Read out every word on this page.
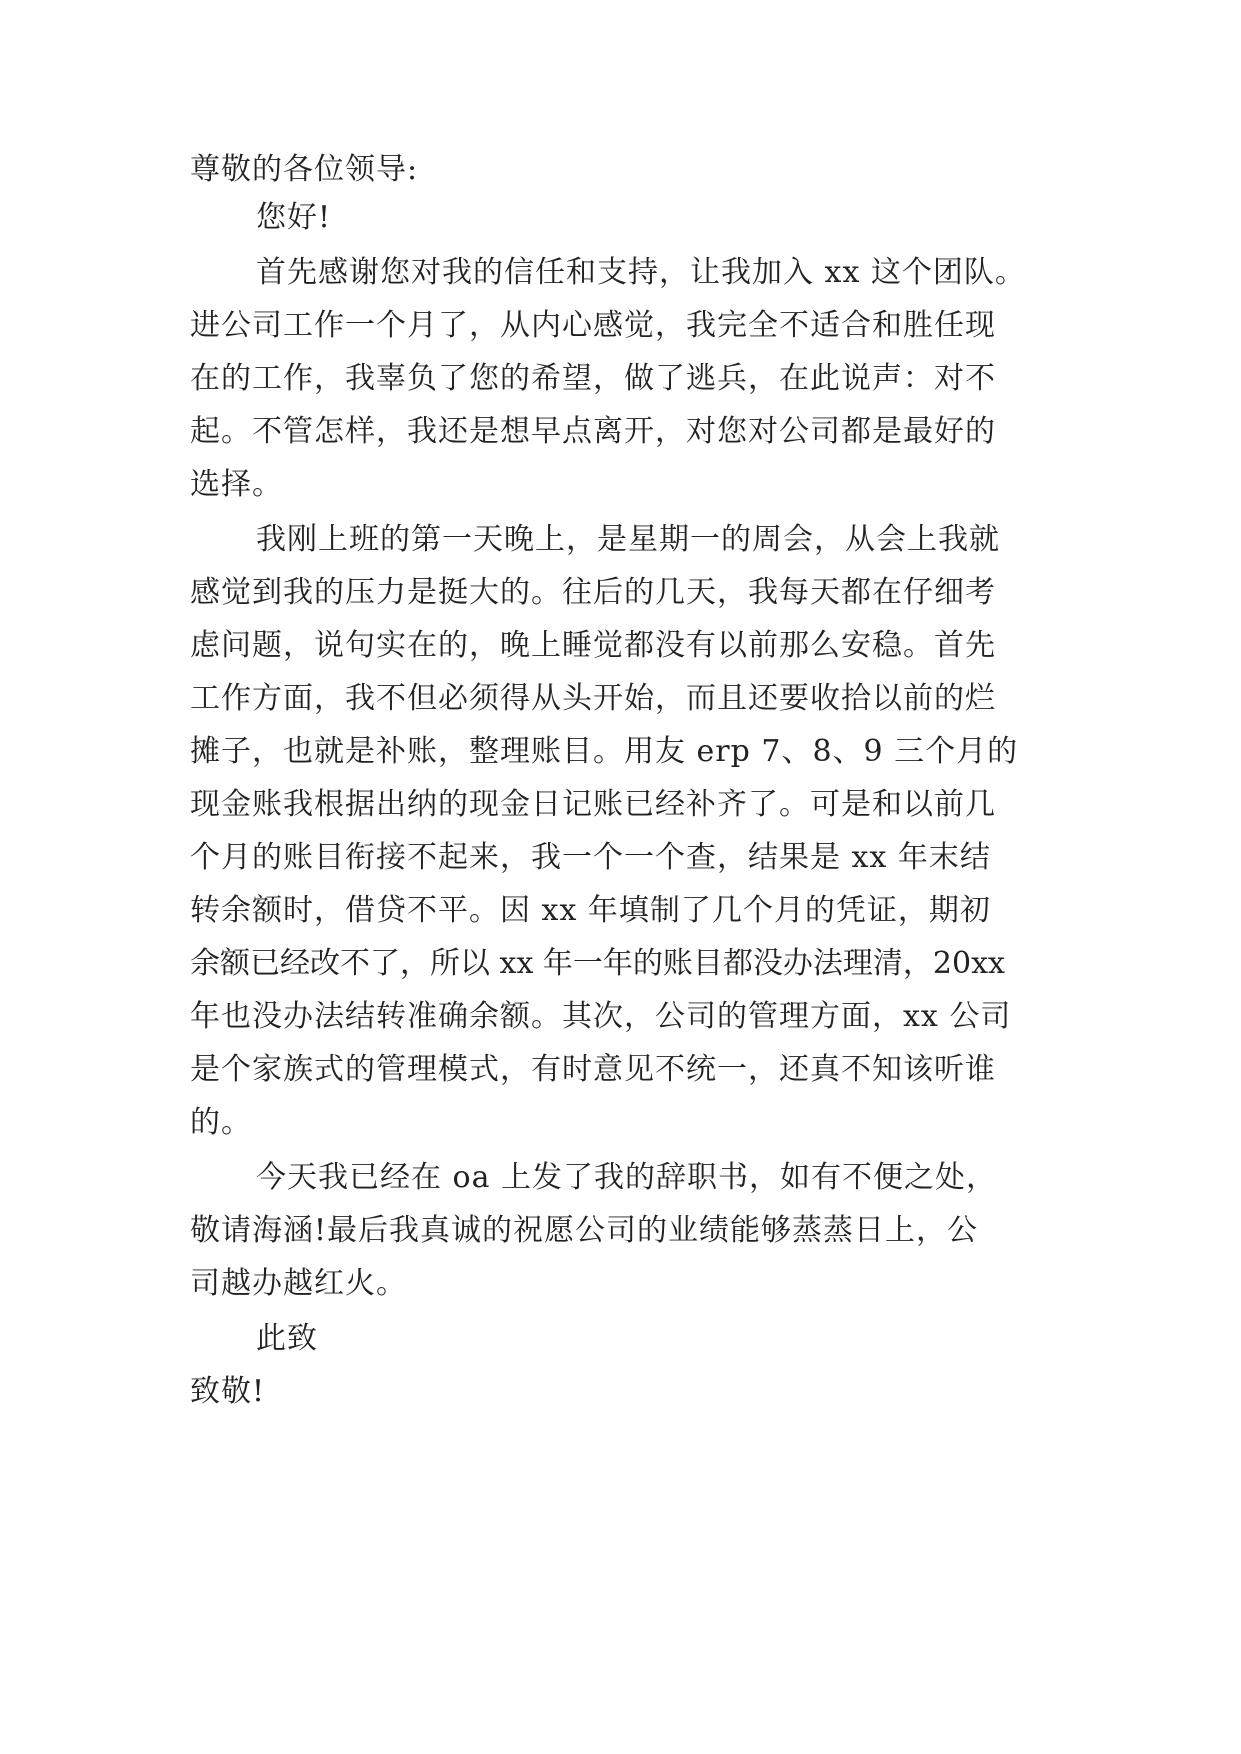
尊敬的各位领导:
您好!
首先感谢您对我的信任和支持，让我加入 xx 这个团队。
进公司工作一个月了，从内心感觉，我完全不适合和胜任现
在的工作，我辜负了您的希望，做了逃兵，在此说声：对不
起。不管怎样，我还是想早点离开，对您对公司都是最好的
选择。
我刚上班的第一天晚上，是星期一的周会，从会上我就
感觉到我的压力是挺大的。往后的几天，我每天都在仔细考
虑问题，说句实在的，晚上睡觉都没有以前那么安稳。首先
工作方面，我不但必须得从头开始，而且还要收拾以前的烂
摊子，也就是补账，整理账目。用友 erp 7、8、9 三个月的
现金账我根据出纳的现金日记账已经补齐了。可是和以前几
个月的账目衔接不起来，我一个一个查，结果是 xx 年末结
转余额时，借贷不平。因 xx 年填制了几个月的凭证，期初
余额已经改不了，所以 xx 年一年的账目都没办法理清，20xx
年也没办法结转准确余额。其次，公司的管理方面，xx 公司
是个家族式的管理模式，有时意见不统一，还真不知该听谁
的。
今天我已经在 oa 上发了我的辞职书，如有不便之处，
敬请海涵!最后我真诚的祝愿公司的业绩能够蒸蒸日上，公
司越办越红火。
此致
致敬!
